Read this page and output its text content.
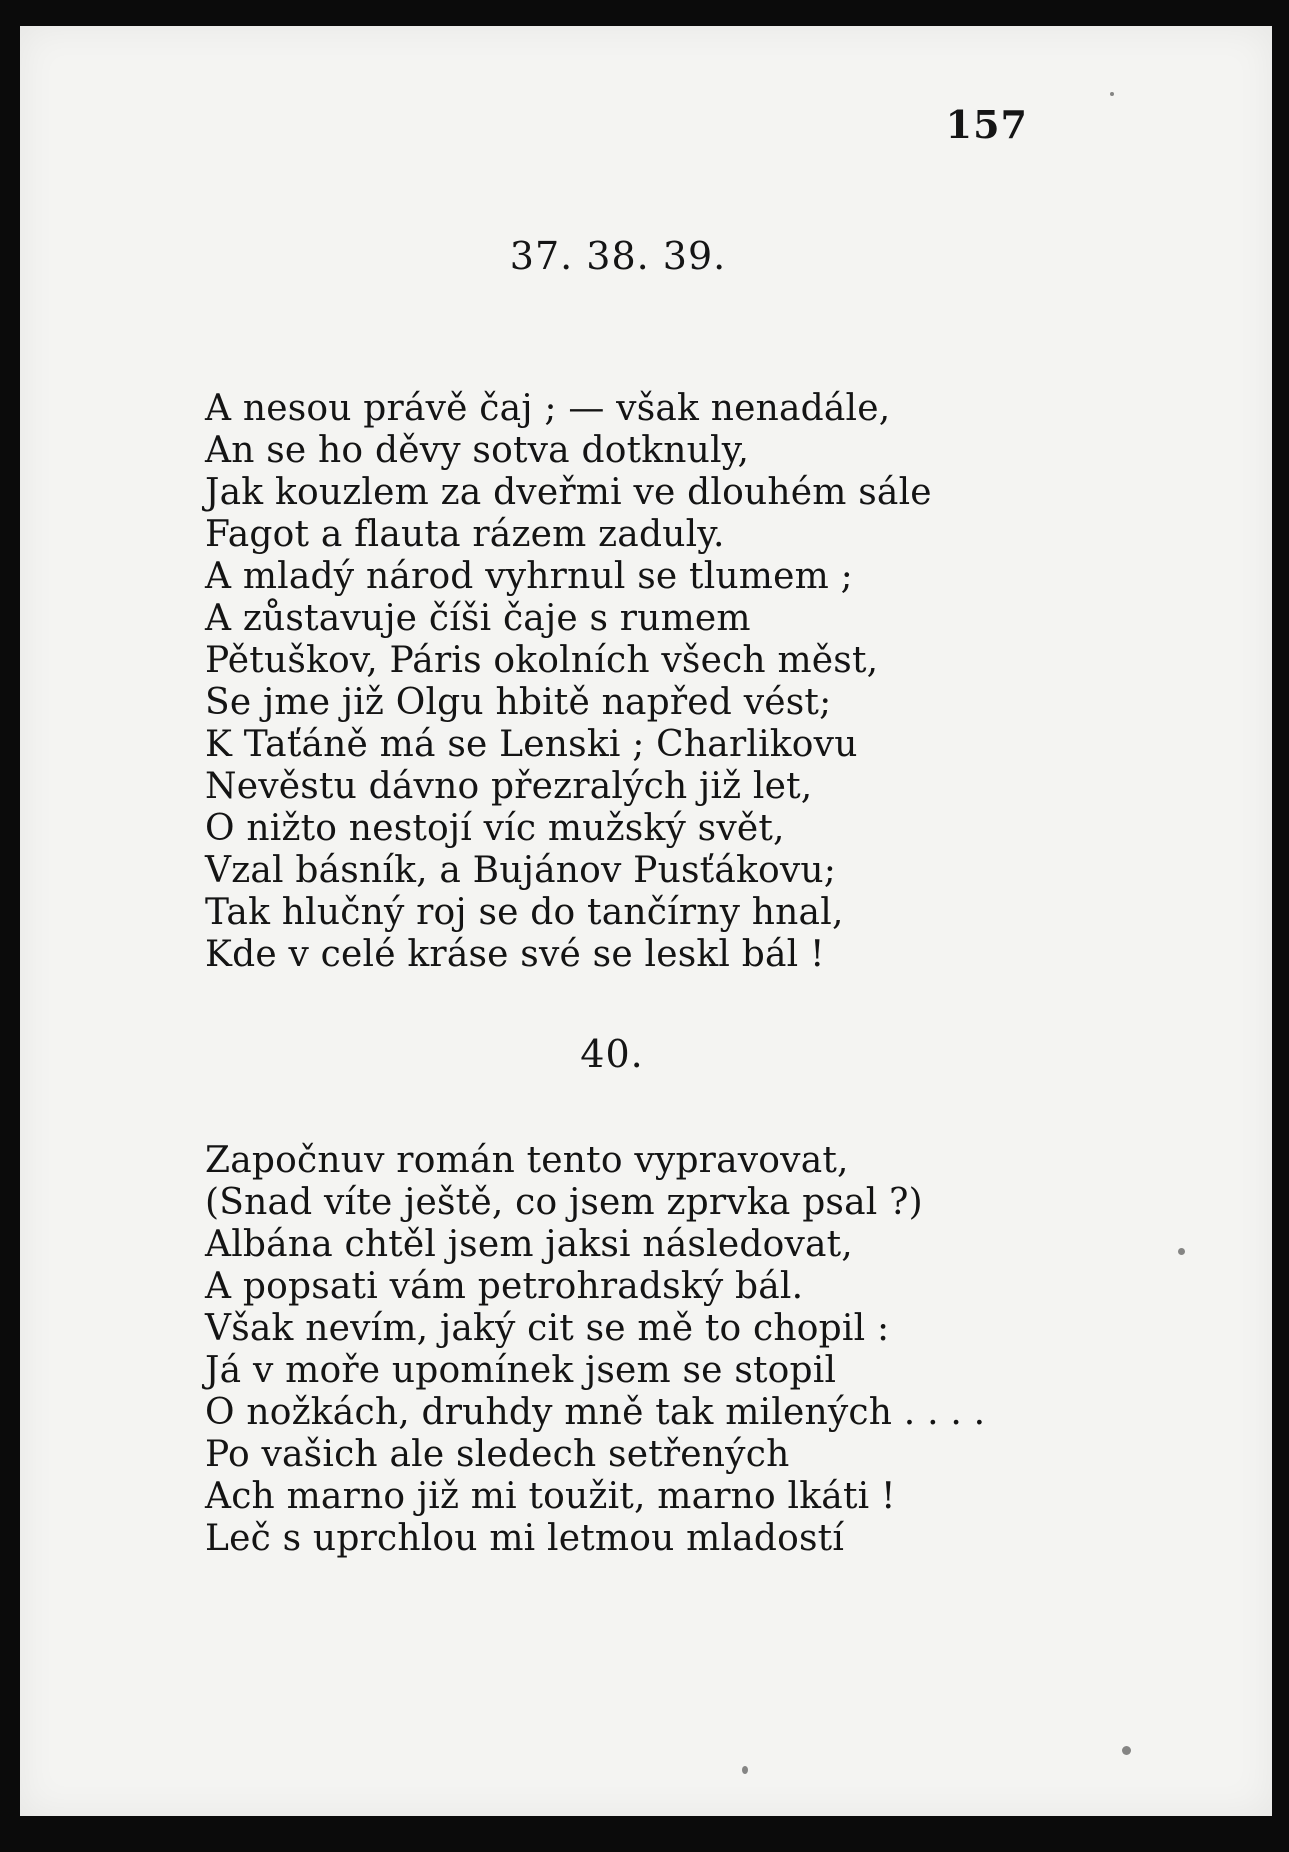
157
37. 38. 39.
A nesou právě čaj ; — však nenadále,
An se ho děvy sotva dotknuly,
Jak kouzlem za dveřmi ve dlouhém sále
Fagot a flauta rázem zaduly.
A mladý národ vyhrnul se tlumem ;
A zůstavuje číši čaje s rumem
Pětuškov, Páris okolních všech měst,
Se jme již Olgu hbitě napřed vést;
K Taťáně má se Lenski ; Charlikovu
Nevěstu dávno přezralých již let,
O nižto nestojí víc mužský svět,
Vzal básník, a Bujánov Pusťákovu;
Tak hlučný roj se do tančírny hnal,
Kde v celé kráse své se leskl bál !
40.
Započnuv román tento vypravovat,
(Snad víte ještě, co jsem zprvka psal ?)
Albána chtěl jsem jaksi následovat,
A popsati vám petrohradský bál.
Však nevím, jaký cit se mě to chopil :
Já v moře upomínek jsem se stopil
O nožkách, druhdy mně tak milených . . . .
Po vašich ale sledech setřených
Ach marno již mi toužit, marno lkáti !
Leč s uprchlou mi letmou mladostí
